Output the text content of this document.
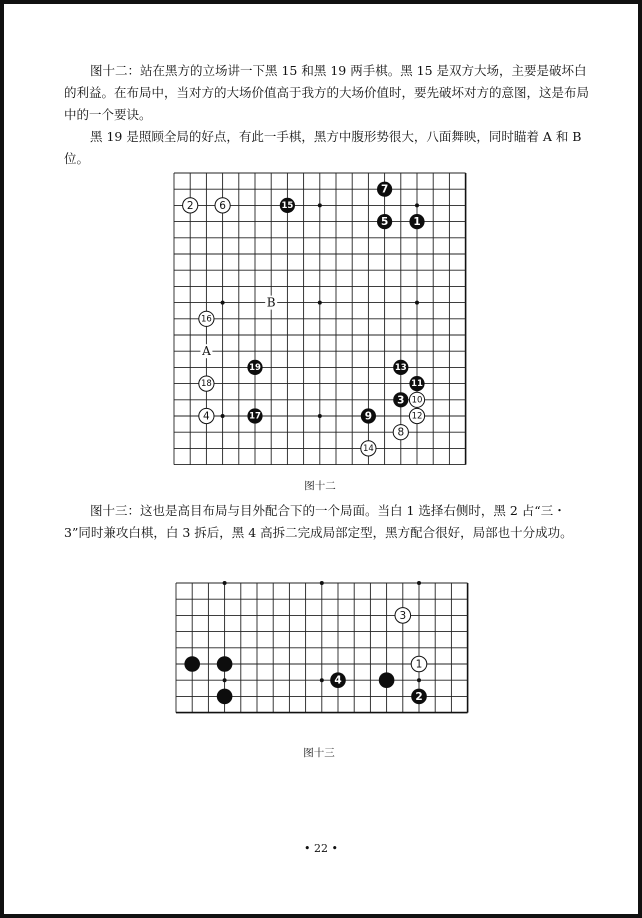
图十二：站在黑方的立场讲一下黑 15 和黑 19 两手棋。黑 15 是双方大场，主要是破坏白的利益。在布局中，当对方的大场价值高于我方的大场价值时，要先破坏对方的意图，这是布局中的一个要诀。

黑 19 是照顾全局的好点，有此一手棋，黑方中腹形势很大，八面舞映，同时瞄着 A 和 B 位。

A
B
2 6	15
7
5 1
16
19
18
4	17
13
11
3 10
12
9
8
14
图十二

图十三：这也是高目布局与目外配合下的一个局面。当白 1 选择右侧时，黑 2 占“三・3”同时兼攻白棋，白 3 拆后，黑 4 高拆二完成局部定型，黑方配合很好，局部也十分成功。

4
2
3
1
图十三
• 22 •
